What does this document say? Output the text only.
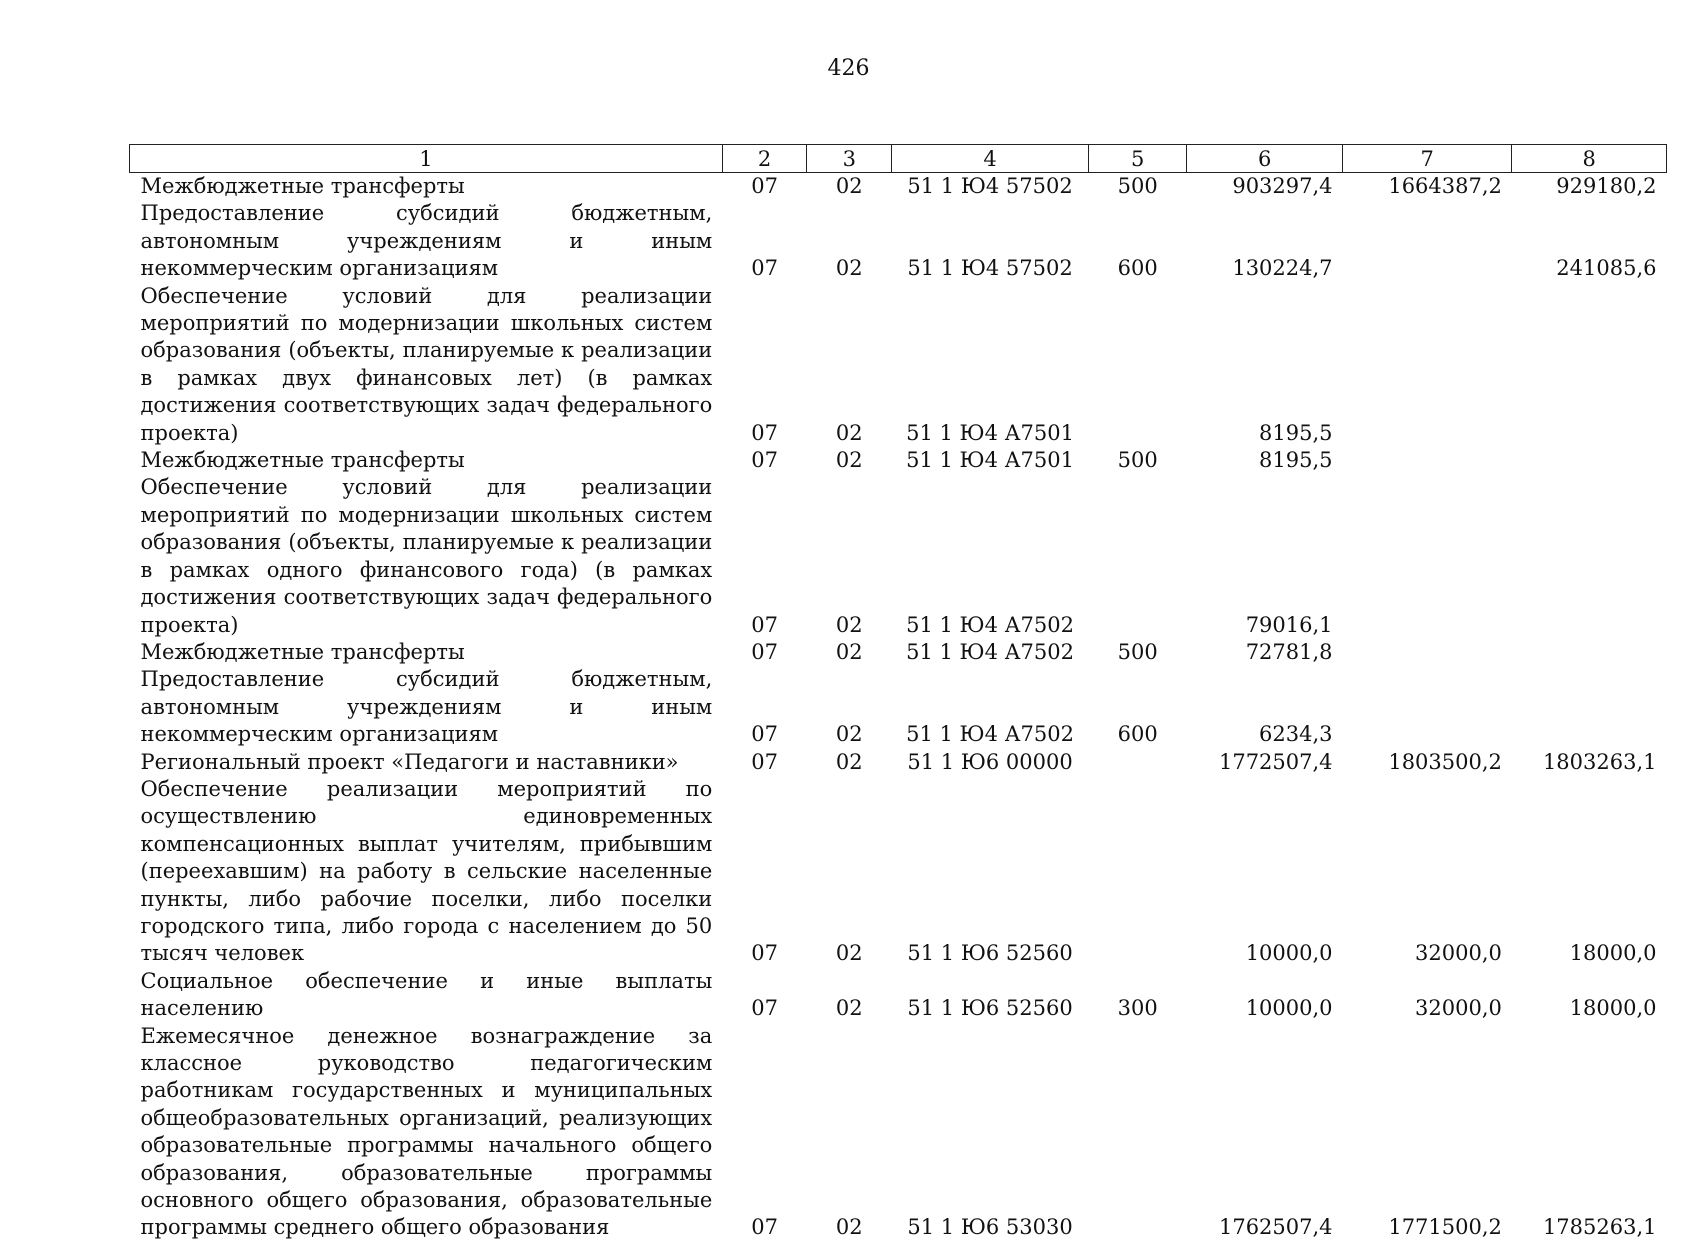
426
1	2	3	4	5	6	7	8
Межбюджетные трансферты	07	02	51 1 Ю4 57502	500	903297,4	1664387,2	929180,2
Предоставление субсидий бюджетным, автономным учреждениям и иным некоммерческим организациям	07	02	51 1 Ю4 57502	600	130224,7		241085,6
Обеспечение условий для реализации мероприятий по модернизации школьных систем образования (объекты, планируемые к реализации в рамках двух финансовых лет) (в рамках достижения соответствующих задач федерального проекта)	07	02	51 1 Ю4 А7501		8195,5		
Межбюджетные трансферты	07	02	51 1 Ю4 А7501	500	8195,5		
Обеспечение условий для реализации мероприятий по модернизации школьных систем образования (объекты, планируемые к реализации в рамках одного финансового года) (в рамках достижения соответствующих задач федерального проекта)	07	02	51 1 Ю4 А7502		79016,1		
Межбюджетные трансферты	07	02	51 1 Ю4 А7502	500	72781,8		
Предоставление субсидий бюджетным, автономным учреждениям и иным некоммерческим организациям	07	02	51 1 Ю4 А7502	600	6234,3		
Региональный проект «Педагоги и наставники»	07	02	51 1 Ю6 00000		1772507,4	1803500,2	1803263,1
Обеспечение реализации мероприятий по осуществлению единовременных компенсационных выплат учителям, прибывшим (переехавшим) на работу в сельские населенные пункты, либо рабочие поселки, либо поселки городского типа, либо города с населением до 50 тысяч человек	07	02	51 1 Ю6 52560		10000,0	32000,0	18000,0
Социальное обеспечение и иные выплаты населению	07	02	51 1 Ю6 52560	300	10000,0	32000,0	18000,0
Ежемесячное денежное вознаграждение за классное руководство педагогическим работникам государственных и муниципальных общеобразовательных организаций, реализующих образовательные программы начального общего образования, образовательные программы основного общего образования, образовательные программы среднего общего образования	07	02	51 1 Ю6 53030		1762507,4	1771500,2	1785263,1
